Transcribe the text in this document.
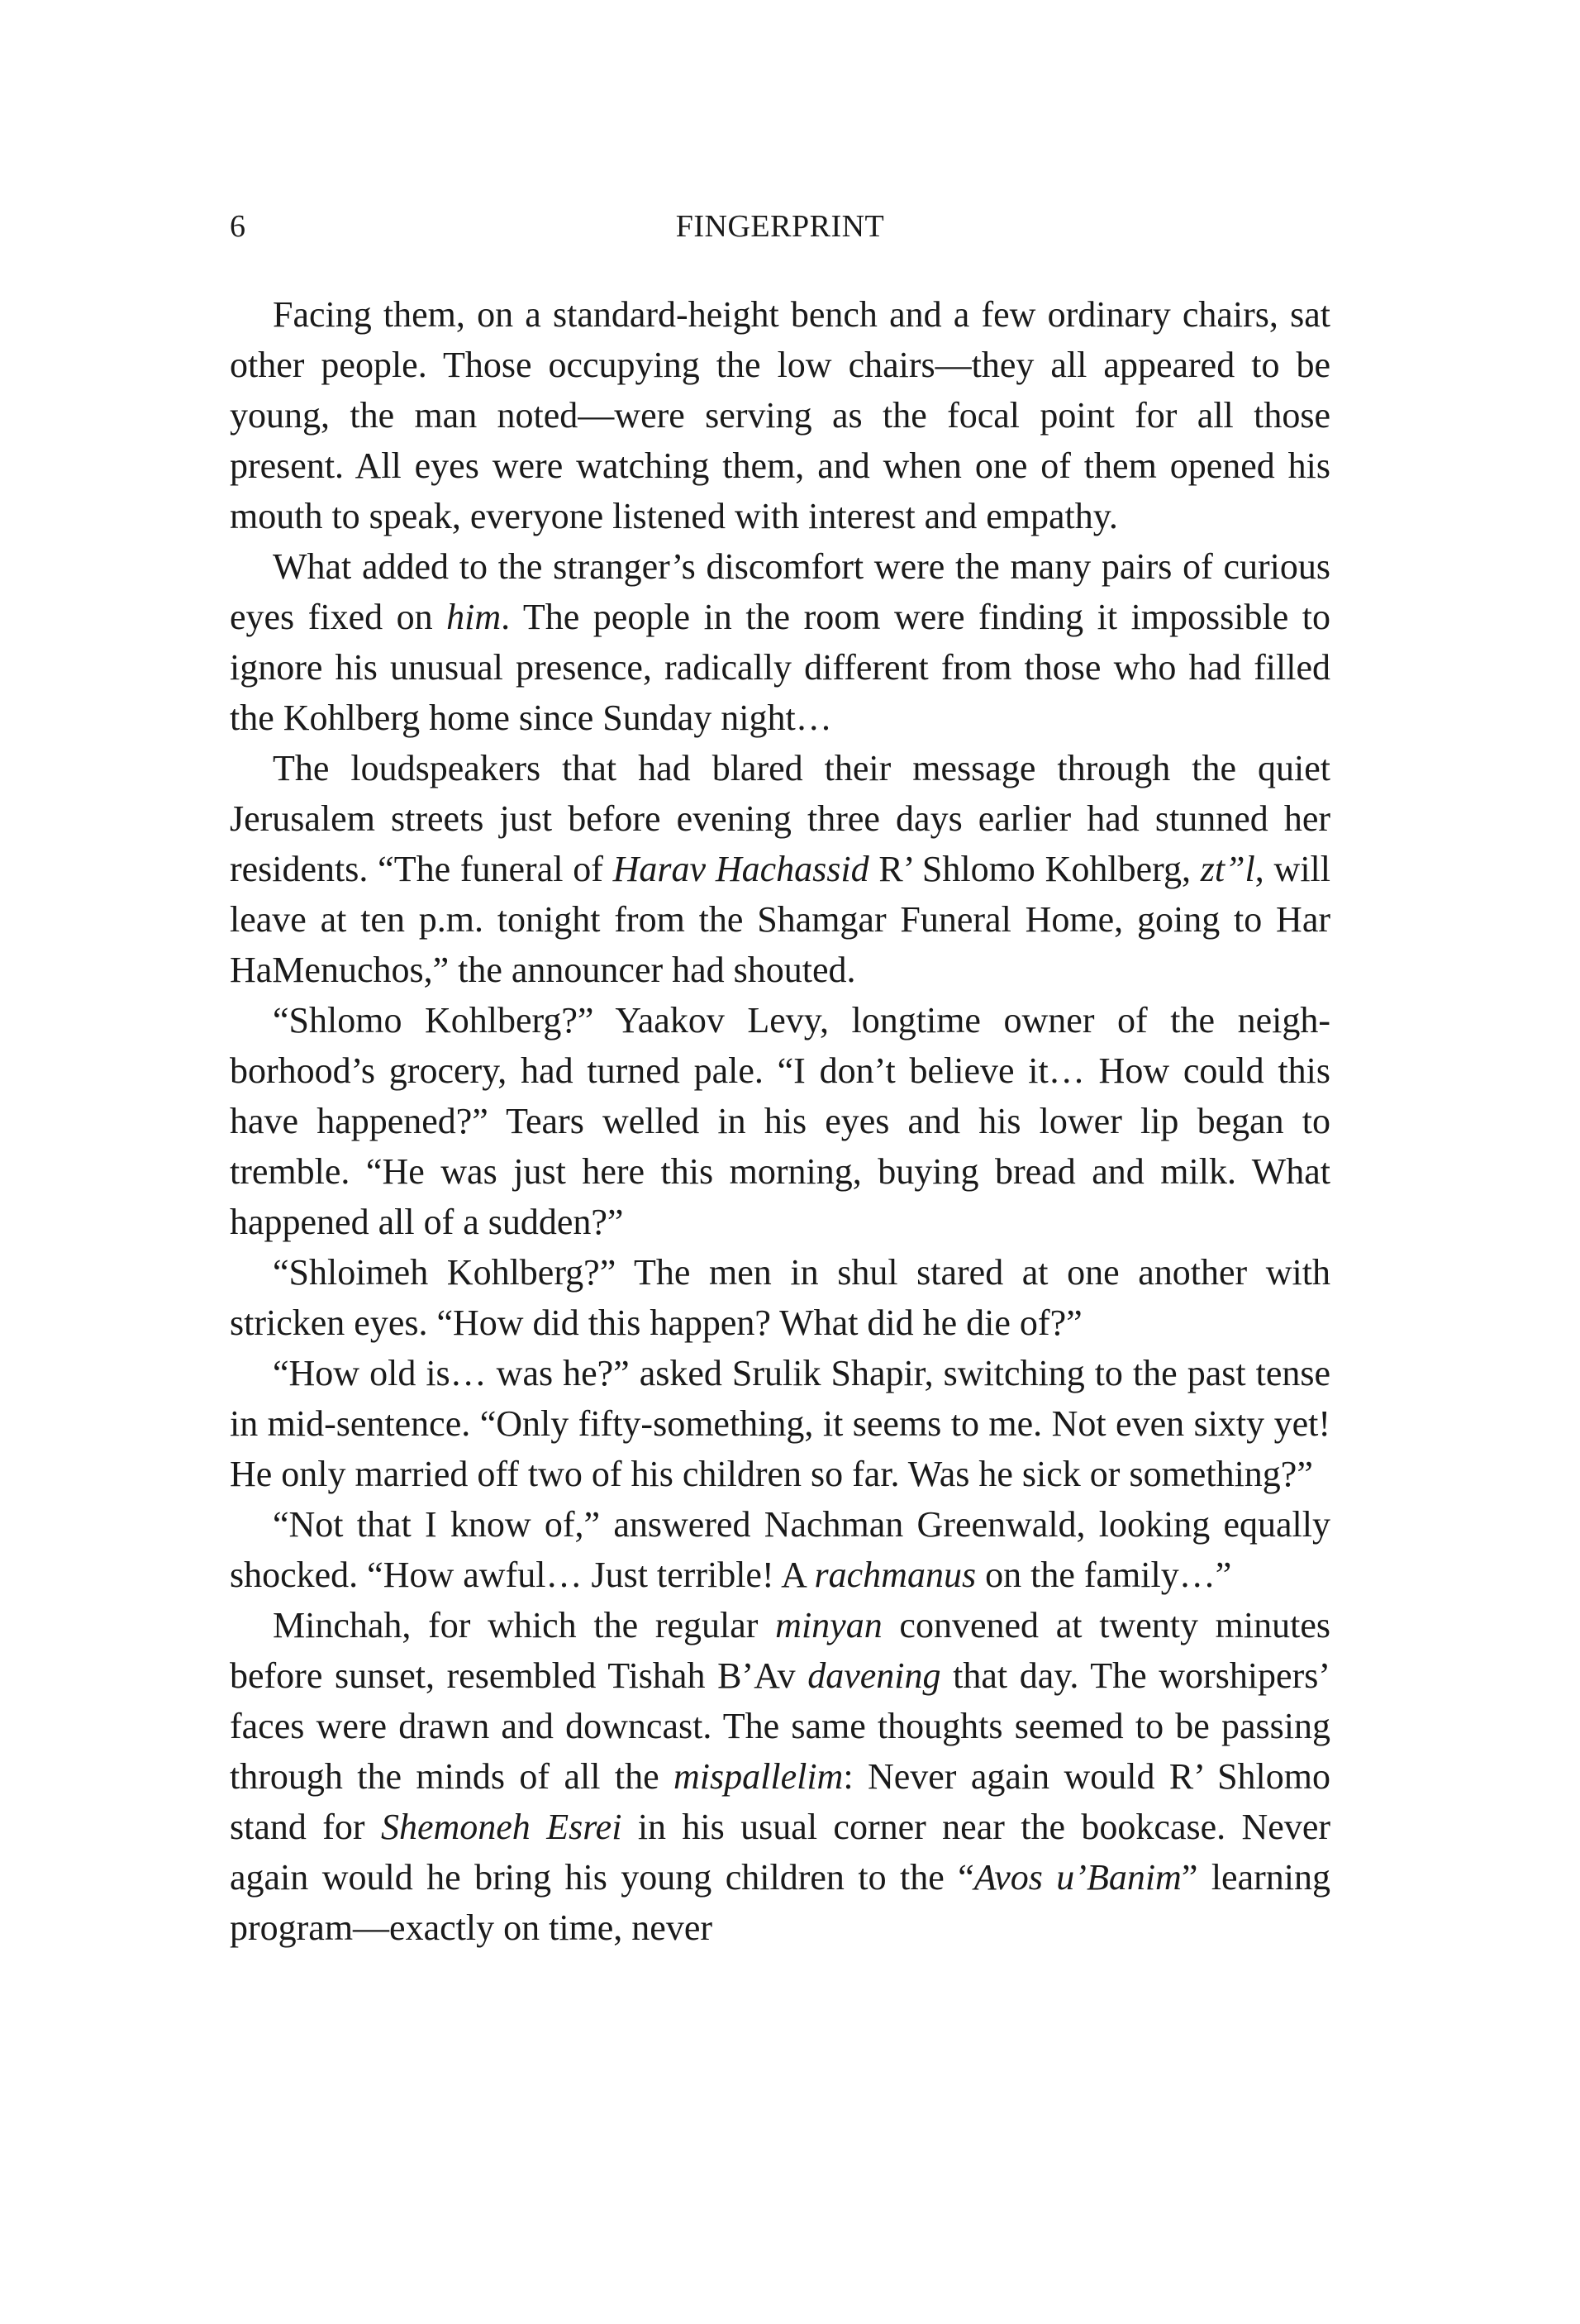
6	FINGERPRINT

Facing them, on a standard-height bench and a few ordinary chairs, sat other people. Those occupying the low chairs—they all appeared to be young, the man noted—were serving as the focal point for all those present. All eyes were watching them, and when one of them opened his mouth to speak, everyone listened with interest and empathy.

What added to the stranger’s discomfort were the many pairs of curious eyes fixed on him. The people in the room were finding it impossible to ignore his unusual presence, radically different from those who had filled the Kohlberg home since Sunday night…

The loudspeakers that had blared their message through the quiet Jerusalem streets just before evening three days earlier had stunned her residents. “The funeral of Harav Hachassid R’ Shlomo Kohlberg, zt”l, will leave at ten p.m. tonight from the Shamgar Funeral Home, going to Har HaMenuchos,” the announcer had shouted.

“Shlomo Kohlberg?” Yaakov Levy, longtime owner of the neighborhood’s grocery, had turned pale. “I don’t believe it… How could this have happened?” Tears welled in his eyes and his lower lip began to tremble. “He was just here this morning, buying bread and milk. What happened all of a sudden?”

“Shloimeh Kohlberg?” The men in shul stared at one another with stricken eyes. “How did this happen? What did he die of?”

“How old is… was he?” asked Srulik Shapir, switching to the past tense in mid-sentence. “Only fifty-something, it seems to me. Not even sixty yet! He only married off two of his children so far. Was he sick or something?”

“Not that I know of,” answered Nachman Greenwald, looking equally shocked. “How awful… Just terrible! A rachmanus on the family…”

Minchah, for which the regular minyan convened at twenty minutes before sunset, resembled Tishah B’Av davening that day. The worshipers’ faces were drawn and downcast. The same thoughts seemed to be passing through the minds of all the mispallelim: Never again would R’ Shlomo stand for Shemoneh Esrei in his usual corner near the bookcase. Never again would he bring his young children to the “Avos u’Banim” learning program—exactly on time, never
